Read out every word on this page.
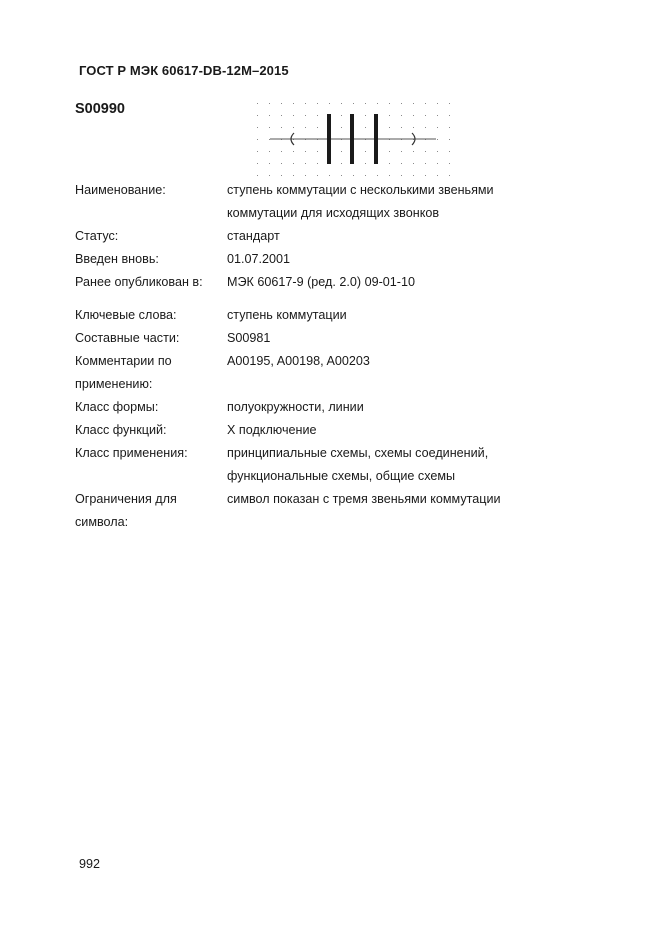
ГОСТ Р МЭК 60617-DB-12M–2015
S00990
Наименование:	ступень коммутации с несколькими звеньями
коммутации для исходящих звонков
Статус:	стандарт
Введен вновь:	01.07.2001
Ранее опубликован в:	МЭК 60617-9 (ред. 2.0) 09-01-10
Ключевые слова:	ступень коммутации
Составные части:	S00981
Комментарии по
применению:
A00195, A00198, A00203
Класс формы:	полуокружности, линии
Класс функций:	X подключение
Класс применения:	принципиальные схемы, схемы соединений,
функциональные схемы, общие схемы
Ограничения для
символа:
символ показан с тремя звеньями коммутации
992
